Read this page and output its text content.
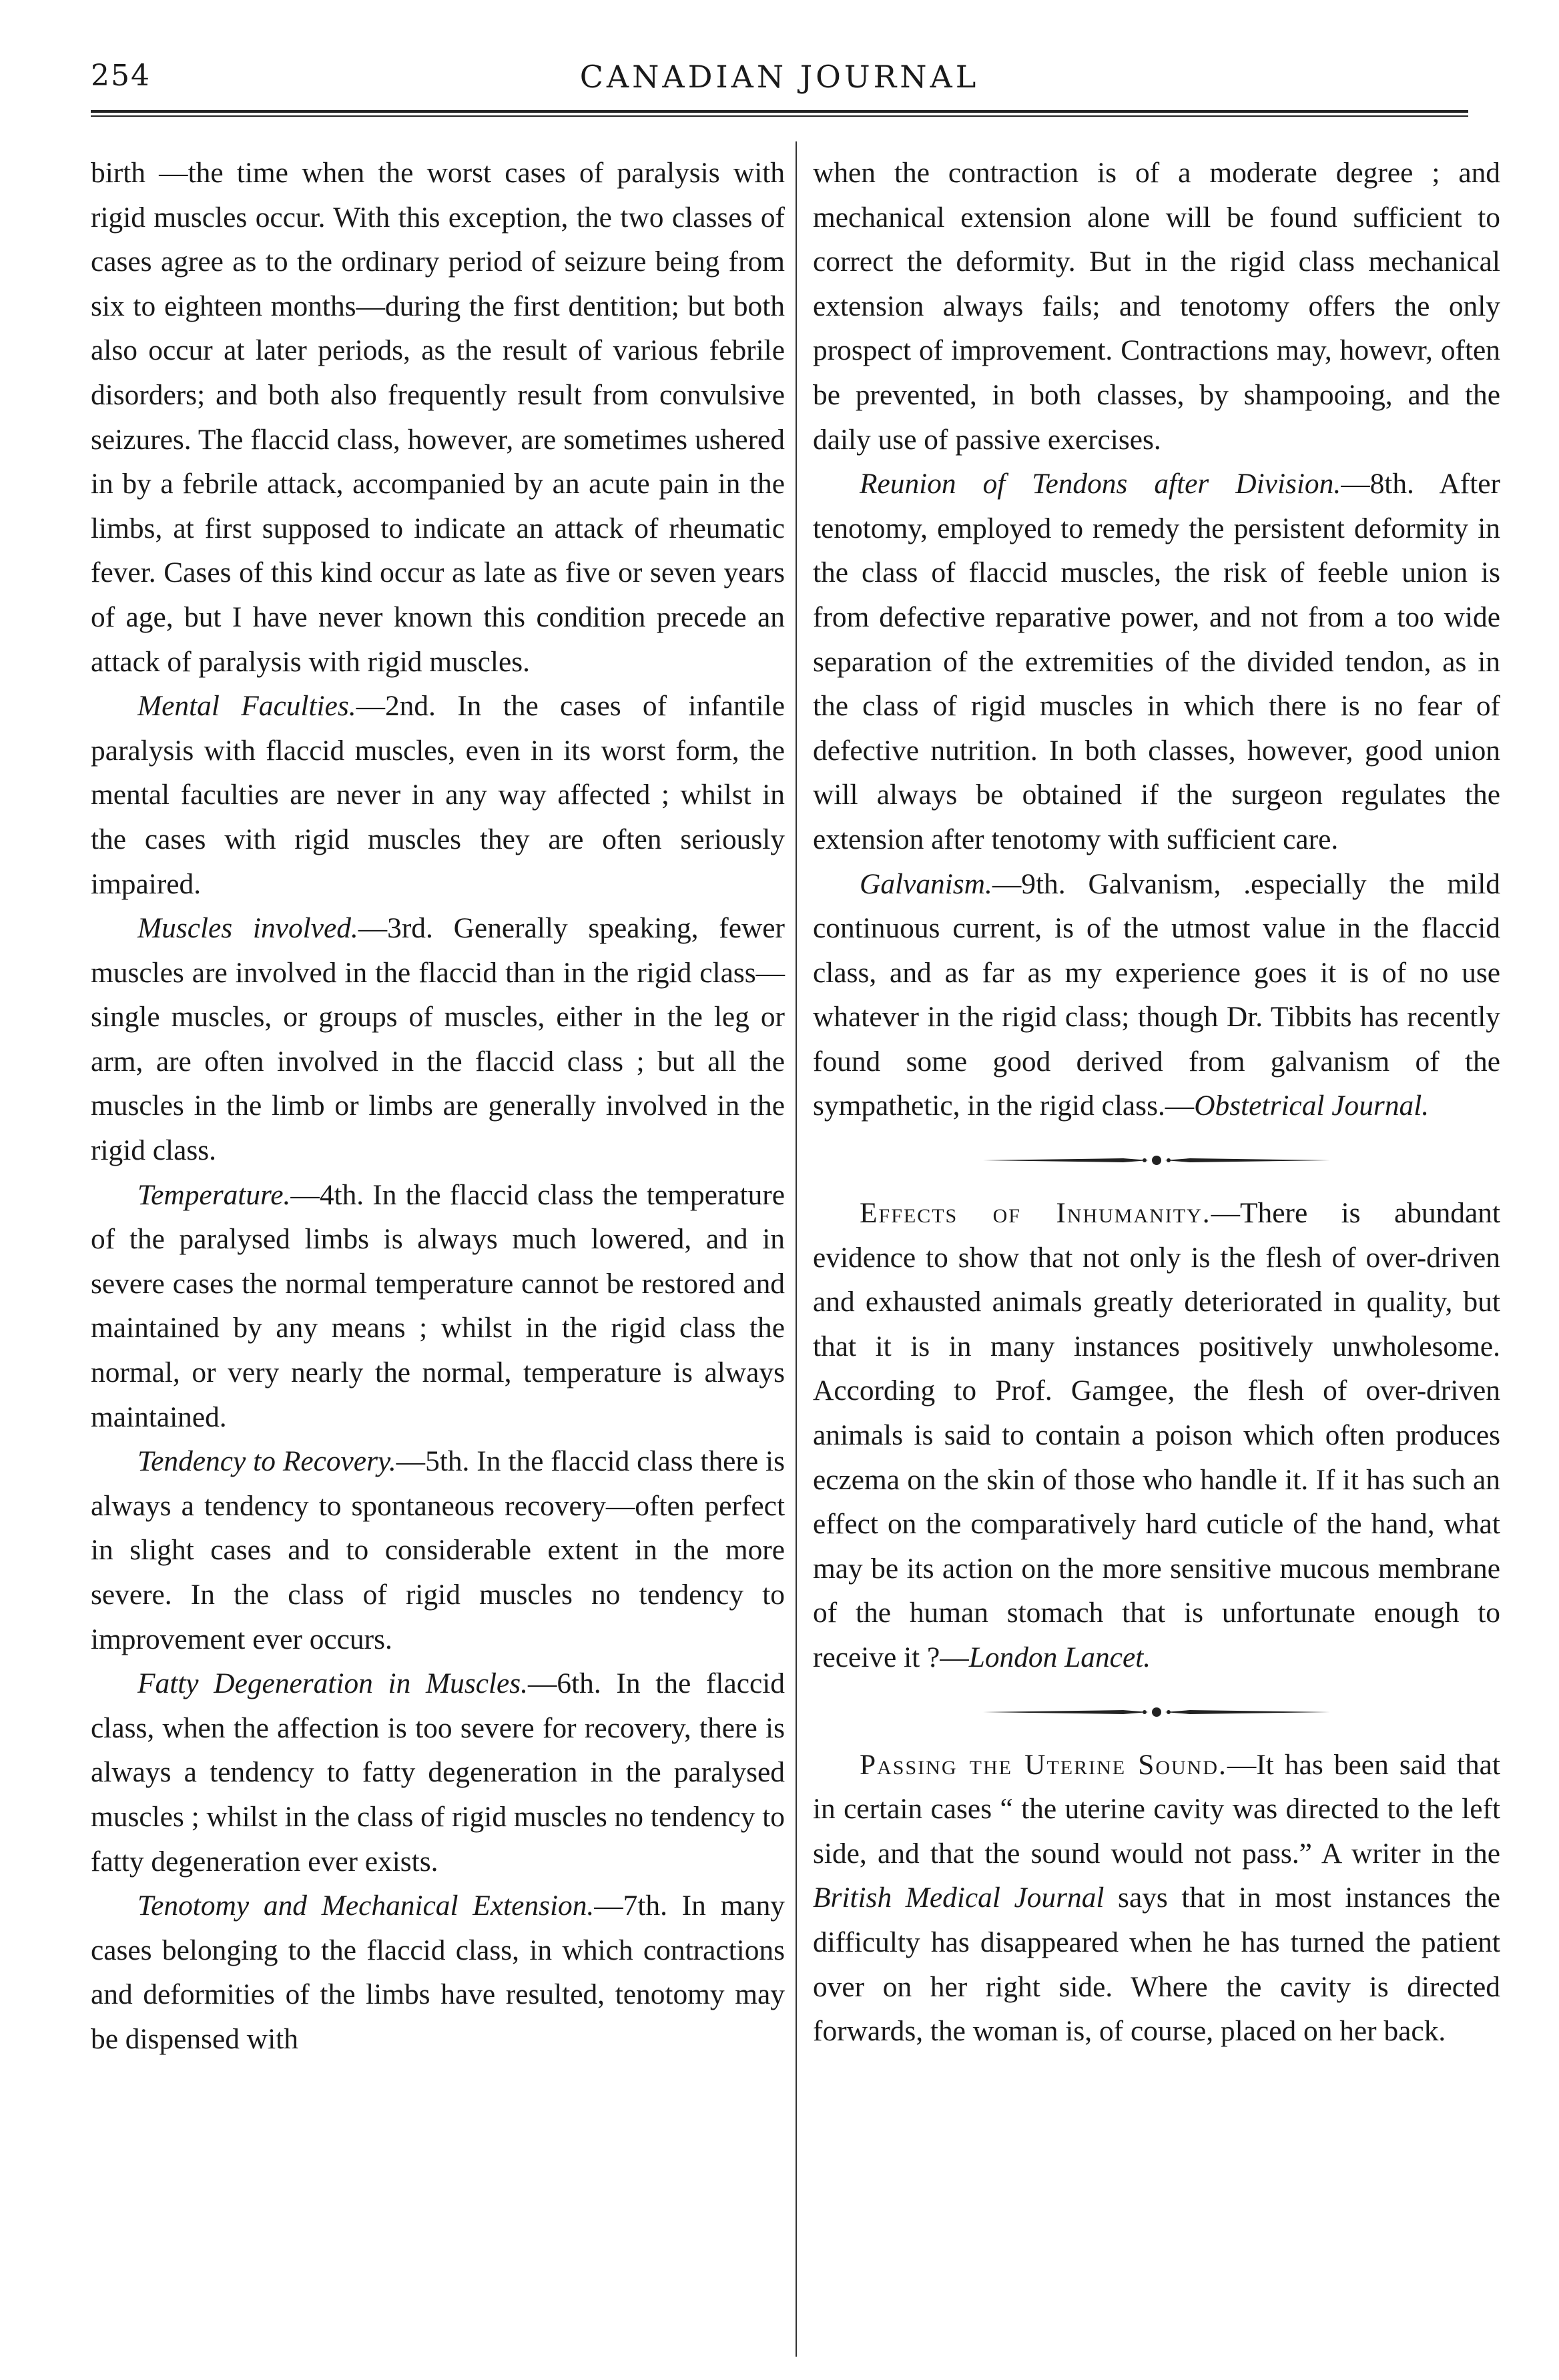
254	CANADIAN JOURNAL

birth —the time when the worst cases of paralysis with rigid muscles occur. With this exception, the two classes of cases agree as to the ordinary period of seizure being from six to eighteen months—during the first dentition; but both also occur at later periods, as the result of various febrile disorders; and both also frequently result from convulsive seizures. The flaccid class, however, are sometimes ushered in by a febrile attack, accompanied by an acute pain in the limbs, at first supposed to indicate an attack of rheumatic fever. Cases of this kind occur as late as five or seven years of age, but I have never known this condition precede an attack of paralysis with rigid muscles.

Mental Faculties.—2nd. In the cases of infantile paralysis with flaccid muscles, even in its worst form, the mental faculties are never in any way affected ; whilst in the cases with rigid muscles they are often seriously impaired.

Muscles involved.—3rd. Generally speaking, fewer muscles are involved in the flaccid than in the rigid class—single muscles, or groups of muscles, either in the leg or arm, are often involved in the flaccid class ; but all the muscles in the limb or limbs are generally involved in the rigid class.

Temperature.—4th. In the flaccid class the temperature of the paralysed limbs is always much lowered, and in severe cases the normal temperature cannot be restored and maintained by any means ; whilst in the rigid class the normal, or very nearly the normal, temperature is always maintained.

Tendency to Recovery.—5th. In the flaccid class there is always a tendency to spontaneous recovery—often perfect in slight cases and to considerable extent in the more severe. In the class of rigid muscles no tendency to improvement ever occurs.

Fatty Degeneration in Muscles.—6th. In the flaccid class, when the affection is too severe for recovery, there is always a tendency to fatty degeneration in the paralysed muscles ; whilst in the class of rigid muscles no tendency to fatty degeneration ever exists.

Tenotomy and Mechanical Extension.—7th. In many cases belonging to the flaccid class, in which contractions and deformities of the limbs have resulted, tenotomy may be dispensed with

when the contraction is of a moderate degree ; and mechanical extension alone will be found sufficient to correct the deformity. But in the rigid class mechanical extension always fails; and tenotomy offers the only prospect of improvement. Contractions may, howevr, often be prevented, in both classes, by shampooing, and the daily use of passive exercises.

Reunion of Tendons after Division.—8th. After tenotomy, employed to remedy the persistent deformity in the class of flaccid muscles, the risk of feeble union is from defective reparative power, and not from a too wide separation of the extremities of the divided tendon, as in the class of rigid muscles in which there is no fear of defective nutrition. In both classes, however, good union will always be obtained if the surgeon regulates the extension after tenotomy with sufficient care.

Galvanism.—9th. Galvanism, .especially the mild continuous current, is of the utmost value in the flaccid class, and as far as my experience goes it is of no use whatever in the rigid class; though Dr. Tibbits has recently found some good derived from galvanism of the sympathetic, in the rigid class.—Obstetrical Journal.

Effects of Inhumanity.—There is abundant evidence to show that not only is the flesh of over-driven and exhausted animals greatly deteriorated in quality, but that it is in many instances positively unwholesome. According to Prof. Gamgee, the flesh of over-driven animals is said to contain a poison which often produces eczema on the skin of those who handle it. If it has such an effect on the comparatively hard cuticle of the hand, what may be its action on the more sensitive mucous membrane of the human stomach that is unfortunate enough to receive it ?—London Lancet.

Passing the Uterine Sound.—It has been said that in certain cases “ the uterine cavity was directed to the left side, and that the sound would not pass.” A writer in the British Medical Journal says that in most instances the difficulty has disappeared when he has turned the patient over on her right side. Where the cavity is directed forwards, the woman is, of course, placed on her back.
